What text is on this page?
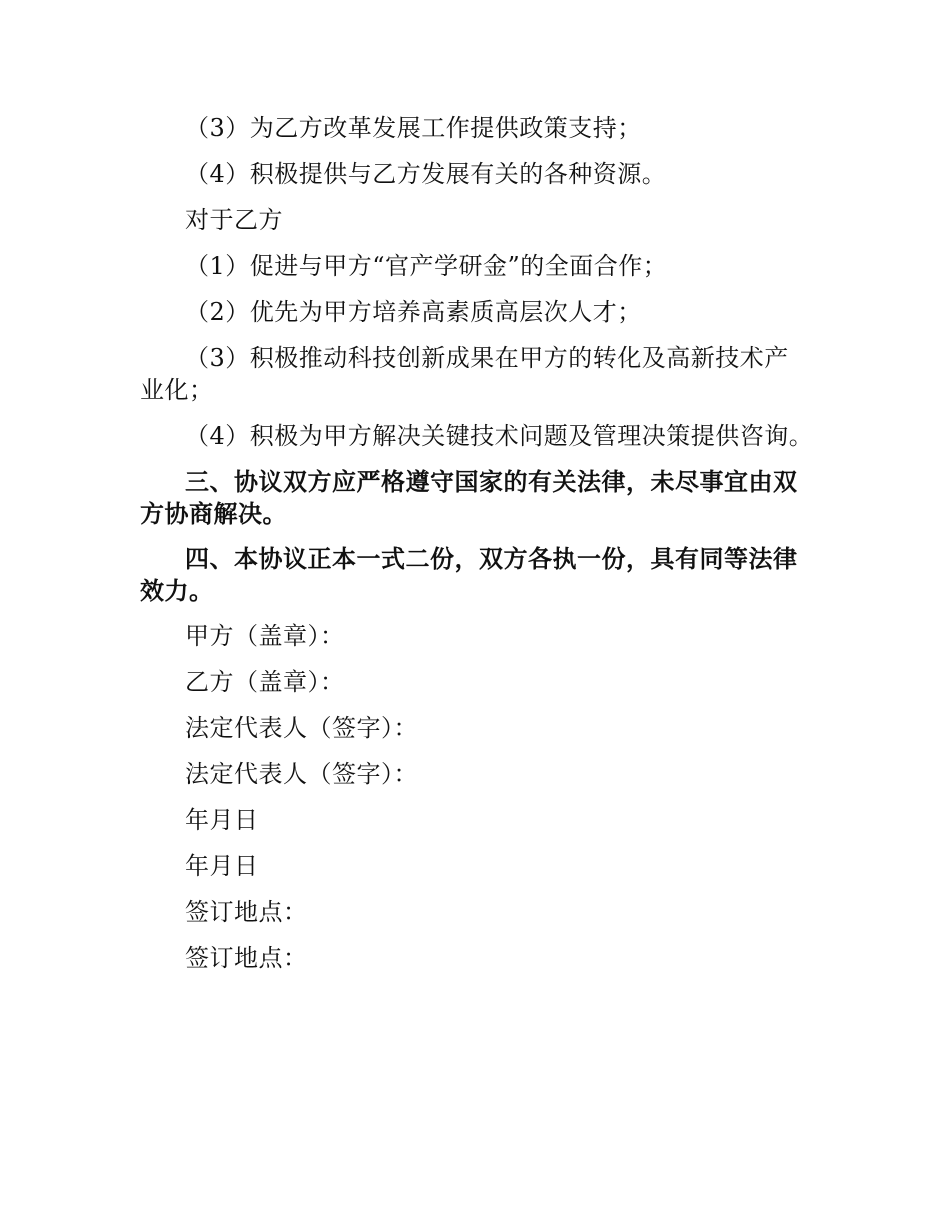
（3）为乙方改革发展工作提供政策支持；
（4）积极提供与乙方发展有关的各种资源。
对于乙方
（1）促进与甲方“官产学研金”的全面合作；
（2）优先为甲方培养高素质高层次人才；
（3）积极推动科技创新成果在甲方的转化及高新技术产
业化；
（4）积极为甲方解决关键技术问题及管理决策提供咨询。
三、协议双方应严格遵守国家的有关法律，未尽事宜由双
方协商解决。
四、本协议正本一式二份，双方各执一份，具有同等法律
效力。
甲方（盖章）：
乙方（盖章）：
法定代表人（签字）：
法定代表人（签字）：
年月日
年月日
签订地点：
签订地点：
